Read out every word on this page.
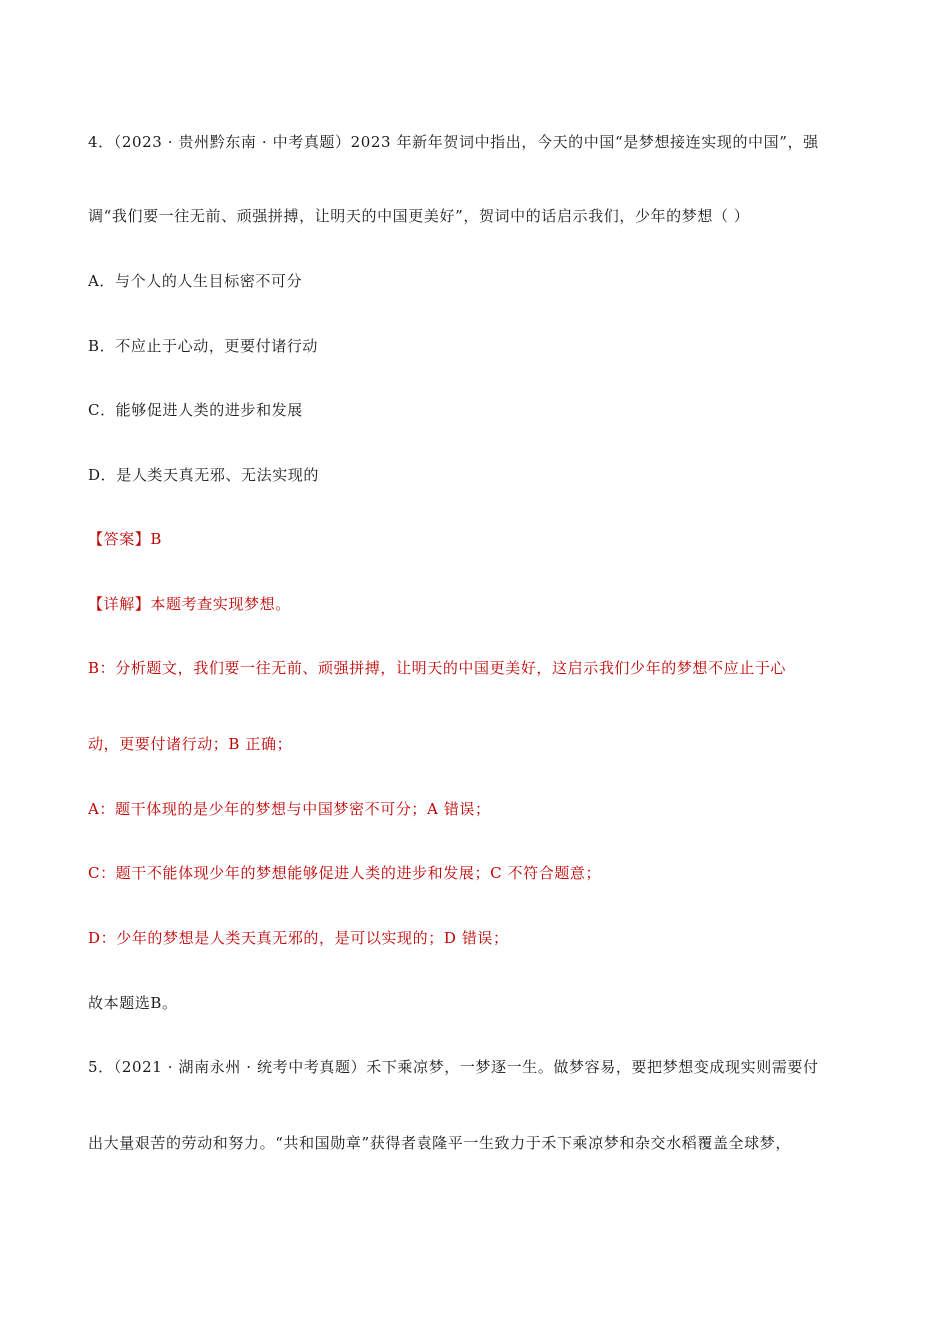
4．（2023 · 贵州黔东南 · 中考真题）2023 年新年贺词中指出，今天的中国“是梦想接连实现的中国”，强
调“我们要一往无前、顽强拼搏，让明天的中国更美好”，贺词中的话启示我们，少年的梦想（ ）
A．与个人的人生目标密不可分
B．不应止于心动，更要付诸行动
C．能够促进人类的进步和发展
D．是人类天真无邪、无法实现的
【答案】B
【详解】本题考查实现梦想。
B：分析题文，我们要一往无前、顽强拼搏，让明天的中国更美好，这启示我们少年的梦想不应止于心
动，更要付诸行动；B 正确；
A：题干体现的是少年的梦想与中国梦密不可分；A 错误；
C：题干不能体现少年的梦想能够促进人类的进步和发展；C 不符合题意；
D：少年的梦想是人类天真无邪的，是可以实现的；D 错误；
故本题选B。
5．（2021 · 湖南永州 · 统考中考真题）禾下乘凉梦，一梦逐一生。做梦容易，要把梦想变成现实则需要付
出大量艰苦的劳动和努力。“共和国勋章”获得者袁隆平一生致力于禾下乘凉梦和杂交水稻覆盖全球梦，
